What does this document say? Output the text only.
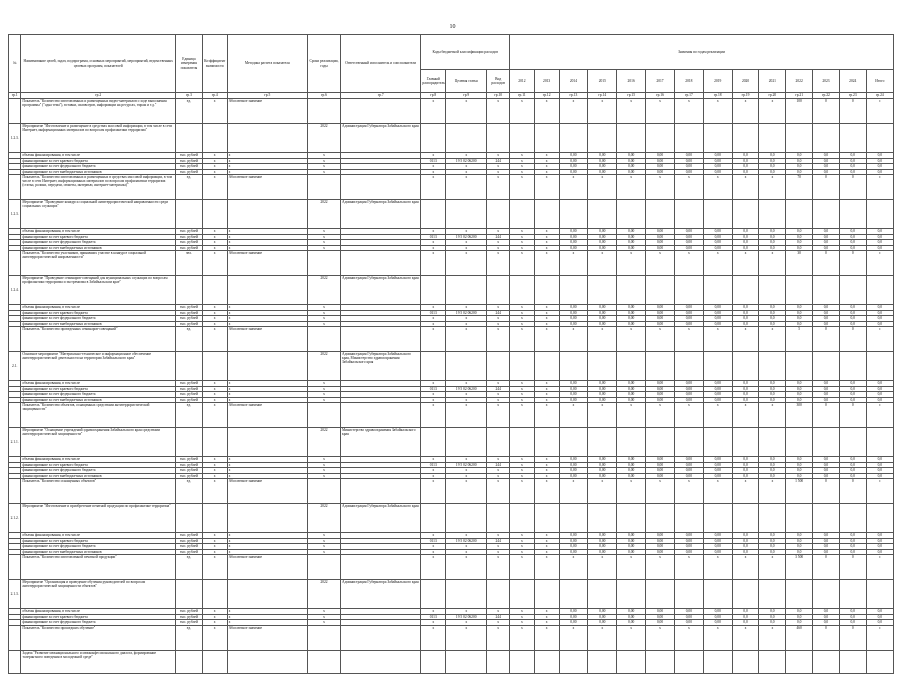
10
№	Наименование целей, задач, подпрограмм, основных мероприятий, мероприятий, ведомственных целевых программ, показателей	Единица измерения показателя	Коэффициент значимости	Методика расчета показателя	Сроки реализации, годы	Ответственный исполнитель и соисполнители	Коды бюджетной классификации расходов			Значения по годам реализации													
							Главный распорядитель	Целевая статья	Вид расходов	2012	2013	2014	2015	2016	2017	2018	2019	2020	2021	2022	2023	2024	Итого
гр.1	гр.2	гр.3	гр.4	гр.5	гр.6	гр.7	гр.8	гр.9	гр.10	гр.11	гр.12	гр.13	гр.14	гр.15	гр.16	гр.17	гр.18	гр.19	гр.20	гр.21	гр.22	гр.23	гр.24
	Показатель "Количество изготовленных и размещенных видео-материалов о ходе выполнения программы" ("одна тема"), вставки, сиапвсеров, информации на ресурсах, тираж и т.д."	ед.	х	Абсолютное значение			х	х	х	х	х	х	х	х	х	х	х	х	х	100	0	0	с
1.2.3.	Мероприятие "Изготовление и размещение в средствах массовой информации, в том числе в сети Интернет, информационных материалов по вопросам профилактики терроризма"				2022	Администрация Губернатора Забайкальского края																	
	объемы финансирования, в том числе	тыс. рублей	х	х	х		х	х	х	х	х	0,00	0,00	0,00	0,00	0,00	0,00	0,0	0,0	0,0	0,0	0,0	0,0
	финансирование за счет краевого бюджета	тыс. рублей	х	х	х		0113	19 5 02 06200	244	х	х	0,00	0,00	0,00	0,00	0,00	0,00	0,0	0,0	0,0	0,0	0,0	0,0
	финансирование за счет федерального бюджета	тыс. рублей	х	х	х		х	х	х	х	х	0,00	0,00	0,00	0,00	0,00	0,00	0,0	0,0	0,0	0,0	0,0	0,0
	финансирование за счет внебюджетных источников	тыс. рублей	х	х	х		х	х	х	х	х	0,00	0,00	0,00	0,00	0,00	0,00	0,0	0,0	0,0	0,0	0,0	0,0
	Показатель "Количество изготовленных и размещенных в средствах массовой информации, в том числе в сети Интернет, информационных материалов по вопросам профилактики терроризма (статьи, ролики, передачи, сюжеты, интервью, интернет-материалы)"	ед.	х	Абсолютное значение			х	х	х	х	х	х	х	х	х	х	х	х	х	70	0	0	с
1.2.3.	Мероприятие "Проведение конкурса социальной антитеррористической направленности среди социальных служащих"				2022	Администрация Губернатора Забайкальского края																	
	объемы финансирования, в том числе	тыс. рублей	х	х	х		х	х	х	х	х	0,00	0,00	0,00	0,00	0,00	0,00	0,0	0,0	0,0	0,0	0,0	0,0
	финансирование за счет краевого бюджета	тыс. рублей	х	х	х		0113	19 5 02 06200	244	х	х	0,00	0,00	0,00	0,00	0,00	0,00	0,0	0,0	0,0	0,0	0,0	0,0
	финансирование за счет федерального бюджета	тыс. рублей	х	х	х		х	х	х	х	х	0,00	0,00	0,00	0,00	0,00	0,00	0,0	0,0	0,0	0,0	0,0	0,0
	финансирование за счет внебюджетных источников	тыс. рублей	х	х	х		х	х	х	х	х	0,00	0,00	0,00	0,00	0,00	0,00	0,0	0,0	0,0	0,0	0,0	0,0
	Показатель "Количество участников, принявших участие в конкурсе социальной антитеррористической направленности"	чел.	х	Абсолютное значение			х	х	х	х	х	х	х	х	х	х	х	х	х	30	0	0	с
1.2.4.	Мероприятие "Проведение семинаров-совещаний для муниципальных служащих по вопросам профилактики терроризма и экстремизма в Забайкальском крае"				2022	Администрация Губернатора Забайкальского края																	
	объемы финансирования, в том числе	тыс. рублей	х	х	х		х	х	х	х	х	0,00	0,00	0,00	0,00	0,00	0,00	0,0	0,0	0,0	0,0	0,0	0,0
	финансирование за счет краевого бюджета	тыс. рублей	х	х	х		0113	19 5 02 06200	244	х	х	0,00	0,00	0,00	0,00	0,00	0,00	0,0	0,0	0,0	0,0	0,0	0,0
	финансирование за счет федерального бюджета	тыс. рублей	х	х	х		х	х	х	х	х	0,00	0,00	0,00	0,00	0,00	0,00	0,0	0,0	0,0	0,0	0,0	0,0
	финансирование за счет внебюджетных источников	тыс. рублей	х	х	х		х	х	х	х	х	0,00	0,00	0,00	0,00	0,00	0,00	0,0	0,0	0,0	0,0	0,0	0,0
	Показатель "Количество проведенных семинаров-совещаний"	ед.	х	Абсолютное значение			х	х	х	х	х	х	х	х	х	х	х	х	х	5	0	0	с
2.1.	Основное мероприятие "Материально-техническое и информационное обеспечение антитеррористической деятельности на территории Забайкальского края"				2022	Администрация Губернатора Забайкальского края, Министерство здравоохранения Забайкальского края																	
	объемы финансирования, в том числе	тыс. рублей	х	х	х		х	х	х	х	х	0,00	0,00	0,00	0,00	0,00	0,00	0,0	0,0	0,0	0,0	0,0	0,0
	финансирование за счет краевого бюджета	тыс. рублей	х	х	х		0113	19 5 02 06200	244	х	х	0,00	0,00	0,00	0,00	0,00	0,00	0,0	0,0	0,0	0,0	0,0	0,0
	финансирование за счет федерального бюджета	тыс. рублей	х	х	х		х	х	х	х	х	0,00	0,00	0,00	0,00	0,00	0,00	0,0	0,0	0,0	0,0	0,0	0,0
	финансирование за счет внебюджетных источников	тыс. рублей	х	х	х		х	х	х	х	х	0,00	0,00	0,00	0,00	0,00	0,00	0,0	0,0	0,0	0,0	0,0	0,0
	Показатель "Количество объектов, оснащенных средствами антитеррористической защищенности"	ед.	х	Абсолютное значение			х	х	х	х	х	х	х	х	х	х	х	х	х	300	0	0	с
2.1.1.	Мероприятие "Оснащение учреждений здравоохранения Забайкальского края средствами антитеррористической защищенности"				2022	Министерство здравоохранения Забайкальского края																	
	объемы финансирования, в том числе	тыс. рублей	х	х	х		х	х	х	х	х	0,00	0,00	0,00	0,00	0,00	0,00	0,0	0,0	0,0	0,0	0,0	0,0
	финансирование за счет краевого бюджета	тыс. рублей	х	х	х		0113	19 5 02 06200	244	х	х	0,00	0,00	0,00	0,00	0,00	0,00	0,0	0,0	0,0	0,0	0,0	0,0
	финансирование за счет федерального бюджета	тыс. рублей	х	х	х		х	х	х	х	х	0,00	0,00	0,00	0,00	0,00	0,00	0,0	0,0	0,0	0,0	0,0	0,0
	финансирование за счет внебюджетных источников	тыс. рублей	х	х	х		х	х	х	х	х	0,00	0,00	0,00	0,00	0,00	0,00	0,0	0,0	0,0	0,0	0,0	0,0
	Показатель "Количество оснащенных объектов"	ед.	х	Абсолютное значение			х	х	х	х	х	х	х	х	х	х	х	х	х	1 500	0	0	с
2.1.2.	Мероприятие "Изготовление и приобретение печатной продукции по профилактике терроризма"				2022	Администрация Губернатора Забайкальского края																	
	объемы финансирования, в том числе	тыс. рублей	х	х	х		х	х	х	х	х	0,00	0,00	0,00	0,00	0,00	0,00	0,0	0,0	0,0	0,0	0,0	0,0
	финансирование за счет краевого бюджета	тыс. рублей	х	х	х		0113	19 5 02 06200	244	х	х	0,00	0,00	0,00	0,00	0,00	0,00	0,0	0,0	0,0	0,0	0,0	0,0
	финансирование за счет федерального бюджета	тыс. рублей	х	х	х		х	х	х	х	х	0,00	0,00	0,00	0,00	0,00	0,00	0,0	0,0	0,0	0,0	0,0	0,0
	финансирование за счет внебюджетных источников	тыс. рублей	х	х	х		х	х	х	х	х	0,00	0,00	0,00	0,00	0,00	0,00	0,0	0,0	0,0	0,0	0,0	0,0
	Показатель "Количество изготовленной печатной продукции"	ед.	х	Абсолютное значение			х	х	х	х	х	х	х	х	х	х	х	х	х	3 500	0	0	с
2.1.3.	Мероприятие "Организация и проведение обучения руководителей по вопросам антитеррористической защищенности объектов"				2022	Администрация Губернатора Забайкальского края																	
	объемы финансирования, в том числе	тыс. рублей	х	х	х		х	х	х	х	х	0,00	0,00	0,00	0,00	0,00	0,00	0,0	0,0	0,0	0,0	0,0	0,0
	финансирование за счет краевого бюджета	тыс. рублей	х	х	х		0113	19 5 02 06200	244	х	х	0,00	0,00	0,00	0,00	0,00	0,00	0,0	0,0	0,0	0,0	0,0	0,0
	финансирование за счет федерального бюджета	тыс. рублей	х	х	х		х	х	х	х	х	0,00	0,00	0,00	0,00	0,00	0,00	0,0	0,0	0,0	0,0	0,0	0,0
	Показатель "Количество прошедших обучение"	ед.	х	Абсолютное значение			х	х	х	х	х	х	х	х	х	х	х	х	х	460	0	0	с
	Задача "Развитие межнационального и межконфессионального диалога, формирование толерантного поведения в молодежной среде"																						
